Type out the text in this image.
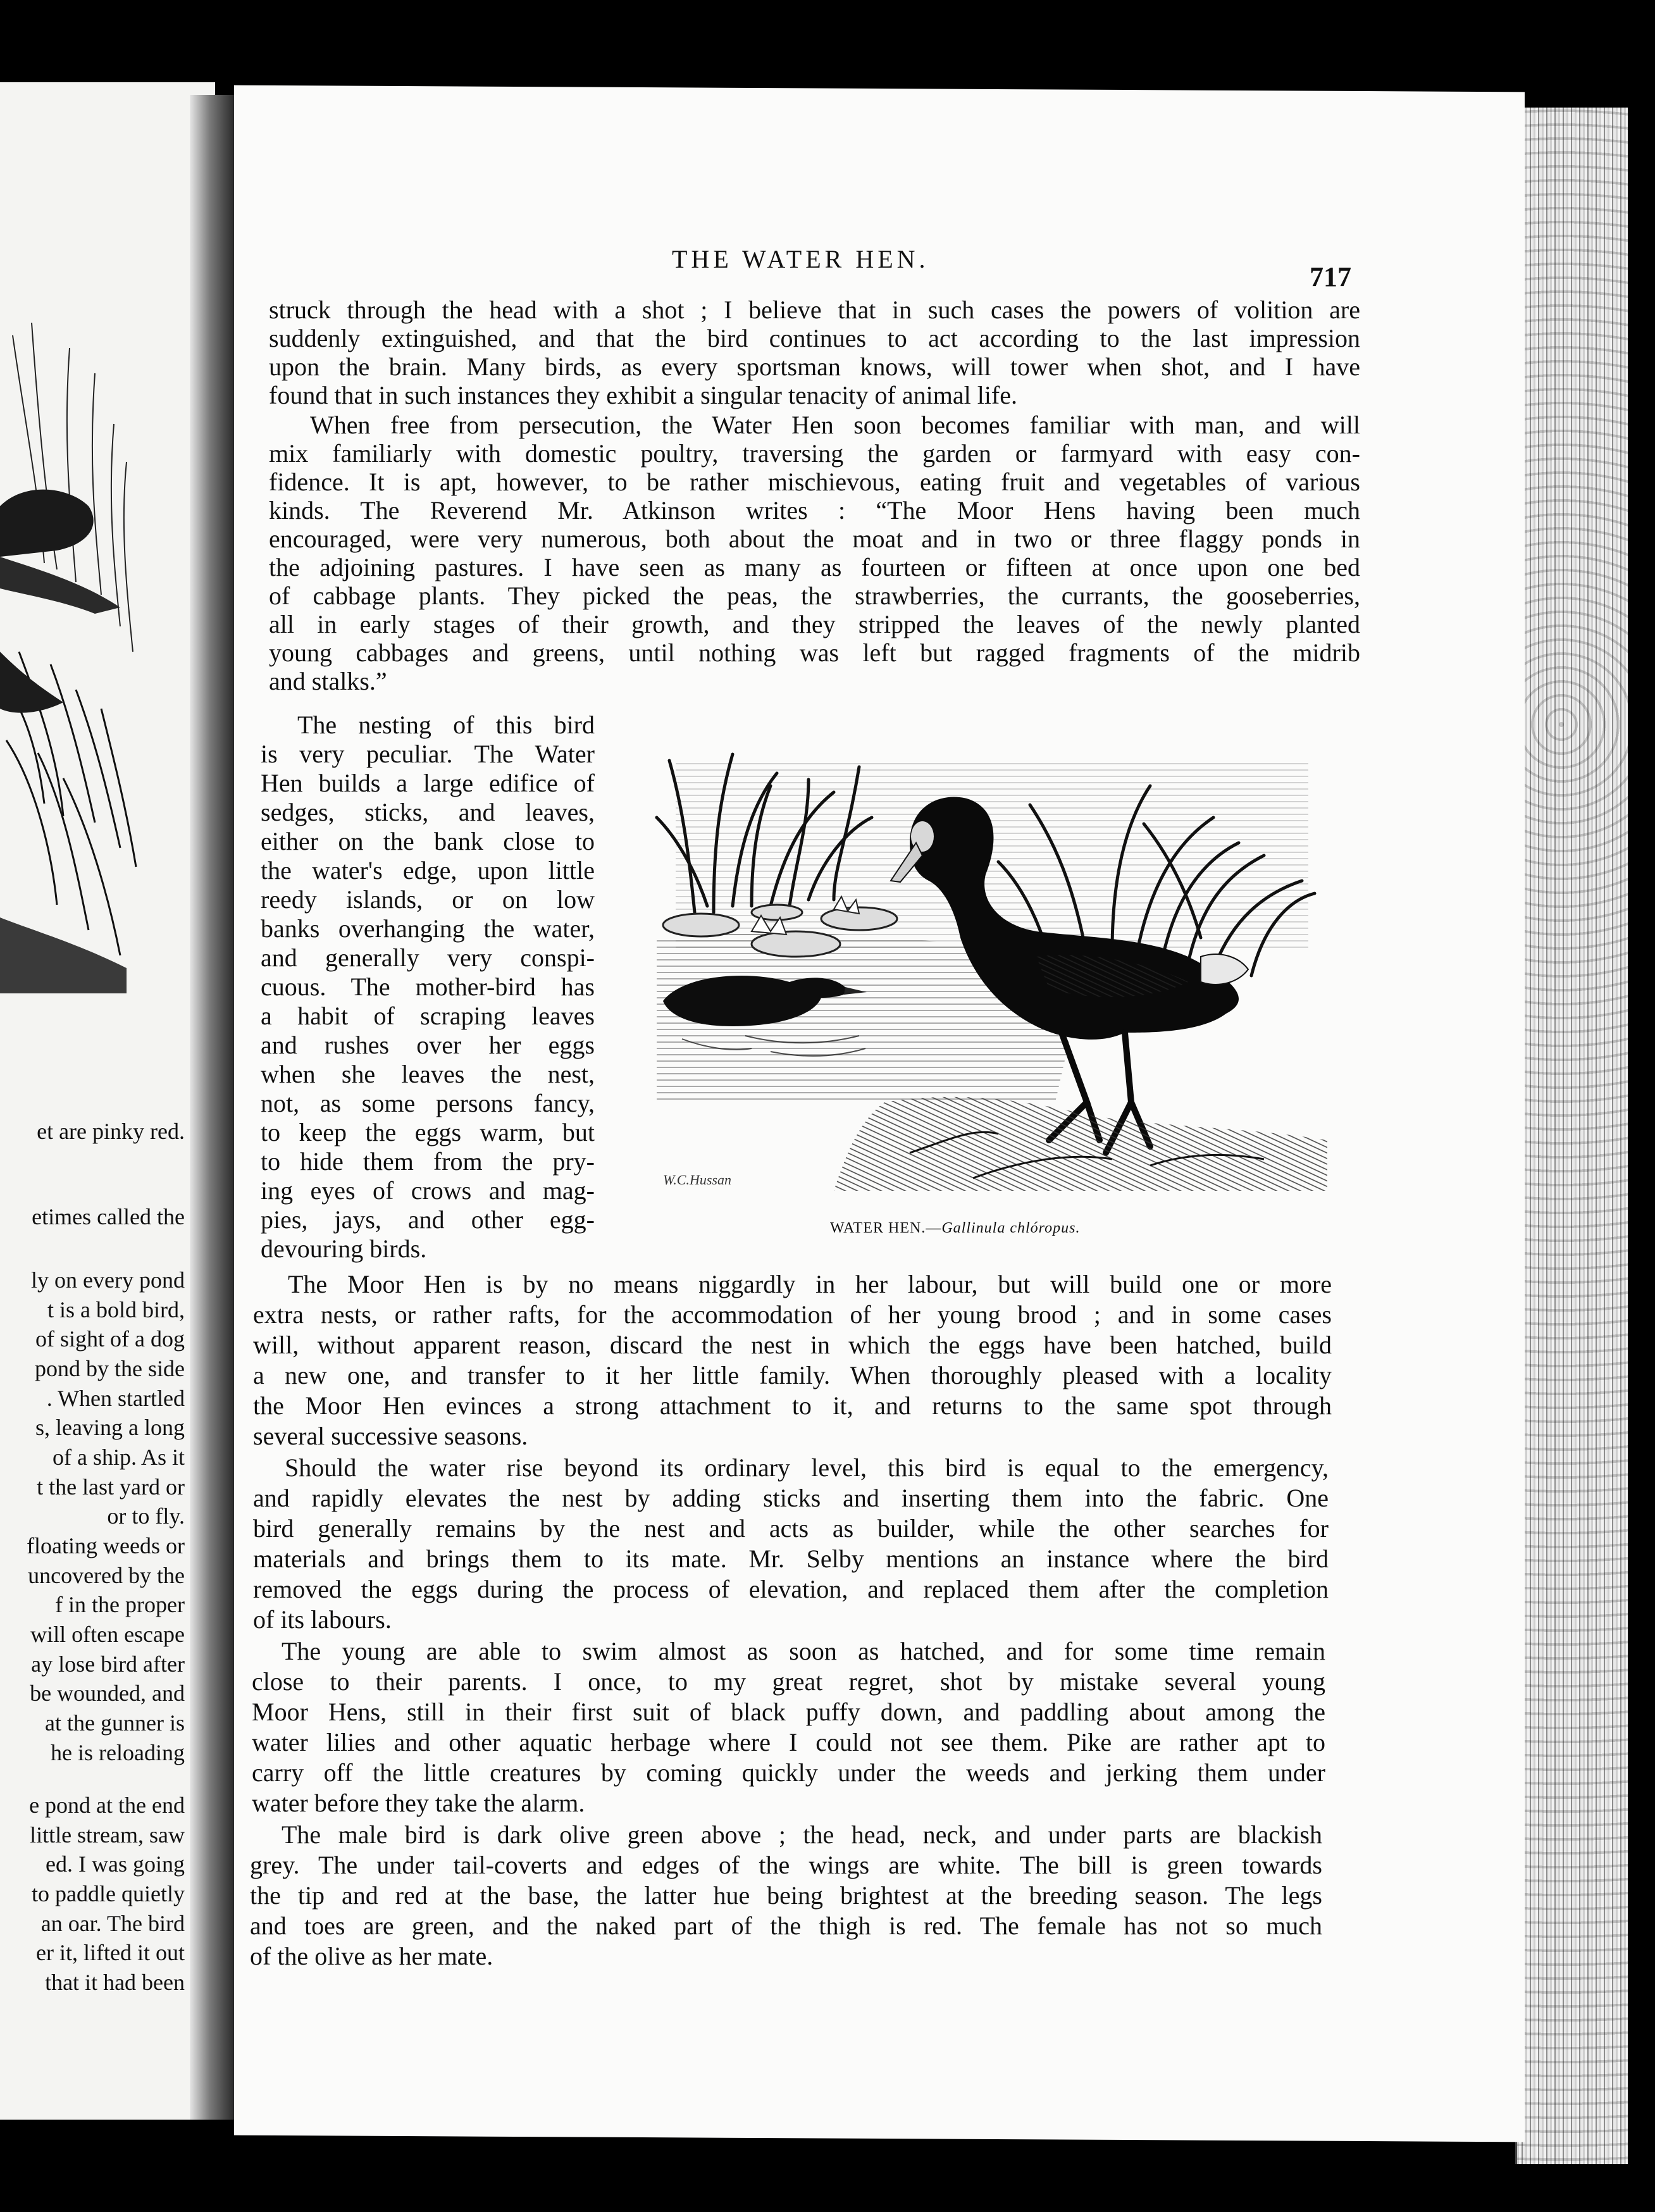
et are pinky red.
etimes called the
ly on every pond
t is a bold bird,
of sight of a dog
pond by the side
. When startled
s, leaving a long
of a ship. As it
t the last yard or
or to fly.
floating weeds or
uncovered by the
f in the proper
will often escape
ay lose bird after
be wounded, and
at the gunner is
he is reloading
e pond at the end
little stream, saw
ed. I was going
to paddle quietly
an oar. The bird
er it, lifted it out
that it had been
THE WATER HEN.
717
struck through the head with a shot ; I believe that in such cases the powers of volition are
suddenly extinguished, and that the bird continues to act according to the last impression
upon the brain. Many birds, as every sportsman knows, will tower when shot, and I have
found that in such instances they exhibit a singular tenacity of animal life.
When free from persecution, the Water Hen soon becomes familiar with man, and will
mix familiarly with domestic poultry, traversing the garden or farmyard with easy con-
fidence. It is apt, however, to be rather mischievous, eating fruit and vegetables of various
kinds. The Reverend Mr. Atkinson writes : “The Moor Hens having been much
encouraged, were very numerous, both about the moat and in two or three flaggy ponds in
the adjoining pastures. I have seen as many as fourteen or fifteen at once upon one bed
of cabbage plants. They picked the peas, the strawberries, the currants, the gooseberries,
all in early stages of their growth, and they stripped the leaves of the newly planted
young cabbages and greens, until nothing was left but ragged fragments of the midrib
and stalks.”
The nesting of this bird
is very peculiar. The Water
Hen builds a large edifice of
sedges, sticks, and leaves,
either on the bank close to
the water's edge, upon little
reedy islands, or on low
banks overhanging the water,
and generally very conspi-
cuous. The mother-bird has
a habit of scraping leaves
and rushes over her eggs
when she leaves the nest,
not, as some persons fancy,
to keep the eggs warm, but
to hide them from the pry-
ing eyes of crows and mag-
pies, jays, and other egg-
devouring birds.
W.C.Hussan
WATER HEN.—Gallinula chlóropus.
The Moor Hen is by no means niggardly in her labour, but will build one or more
extra nests, or rather rafts, for the accommodation of her young brood ; and in some cases
will, without apparent reason, discard the nest in which the eggs have been hatched, build
a new one, and transfer to it her little family. When thoroughly pleased with a locality
the Moor Hen evinces a strong attachment to it, and returns to the same spot through
several successive seasons.
Should the water rise beyond its ordinary level, this bird is equal to the emergency,
and rapidly elevates the nest by adding sticks and inserting them into the fabric. One
bird generally remains by the nest and acts as builder, while the other searches for
materials and brings them to its mate. Mr. Selby mentions an instance where the bird
removed the eggs during the process of elevation, and replaced them after the completion
of its labours.
The young are able to swim almost as soon as hatched, and for some time remain
close to their parents. I once, to my great regret, shot by mistake several young
Moor Hens, still in their first suit of black puffy down, and paddling about among the
water lilies and other aquatic herbage where I could not see them. Pike are rather apt to
carry off the little creatures by coming quickly under the weeds and jerking them under
water before they take the alarm.
The male bird is dark olive green above ; the head, neck, and under parts are blackish
grey. The under tail-coverts and edges of the wings are white. The bill is green towards
the tip and red at the base, the latter hue being brightest at the breeding season. The legs
and toes are green, and the naked part of the thigh is red. The female has not so much
of the olive as her mate.
